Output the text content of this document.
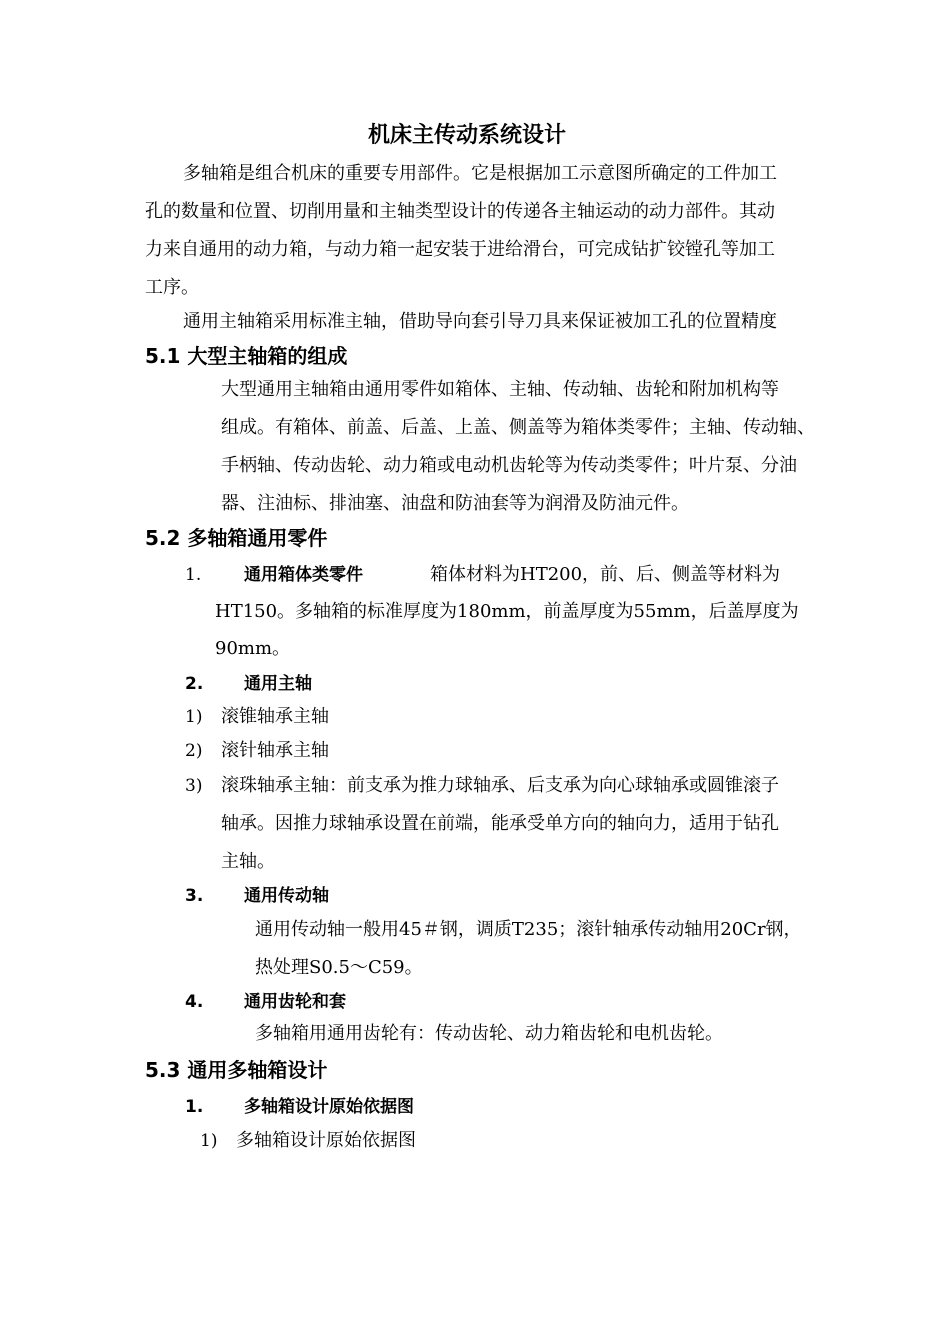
机床主传动系统设计
多轴箱是组合机床的重要专用部件。它是根据加工示意图所确定的工件加工
孔的数量和位置、切削用量和主轴类型设计的传递各主轴运动的动力部件。其动
力来自通用的动力箱，与动力箱一起安装于进给滑台，可完成钻扩铰镗孔等加工
工序。
通用主轴箱采用标准主轴，借助导向套引导刀具来保证被加工孔的位置精度
5.1 大型主轴箱的组成
大型通用主轴箱由通用零件如箱体、主轴、传动轴、齿轮和附加机构等
组成。有箱体、前盖、后盖、上盖、侧盖等为箱体类零件；主轴、传动轴、
手柄轴、传动齿轮、动力箱或电动机齿轮等为传动类零件；叶片泵、分油
器、注油标、排油塞、油盘和防油套等为润滑及防油元件。
5.2 多轴箱通用零件
1.	通用箱体类零件	箱体材料为HT200，前、后、侧盖等材料为
HT150。多轴箱的标准厚度为180mm，前盖厚度为55mm，后盖厚度为
90mm。
2. 通用主轴
1) 滚锥轴承主轴
2) 滚针轴承主轴
3) 滚珠轴承主轴：前支承为推力球轴承、后支承为向心球轴承或圆锥滚子
轴承。因推力球轴承设置在前端，能承受单方向的轴向力，适用于钻孔
主轴。
3. 通用传动轴
通用传动轴一般用45＃钢，调质T235；滚针轴承传动轴用20Cr钢，
热处理S0.5～C59。
4. 通用齿轮和套
多轴箱用通用齿轮有：传动齿轮、动力箱齿轮和电机齿轮。
5.3 通用多轴箱设计
1. 多轴箱设计原始依据图
1) 多轴箱设计原始依据图
